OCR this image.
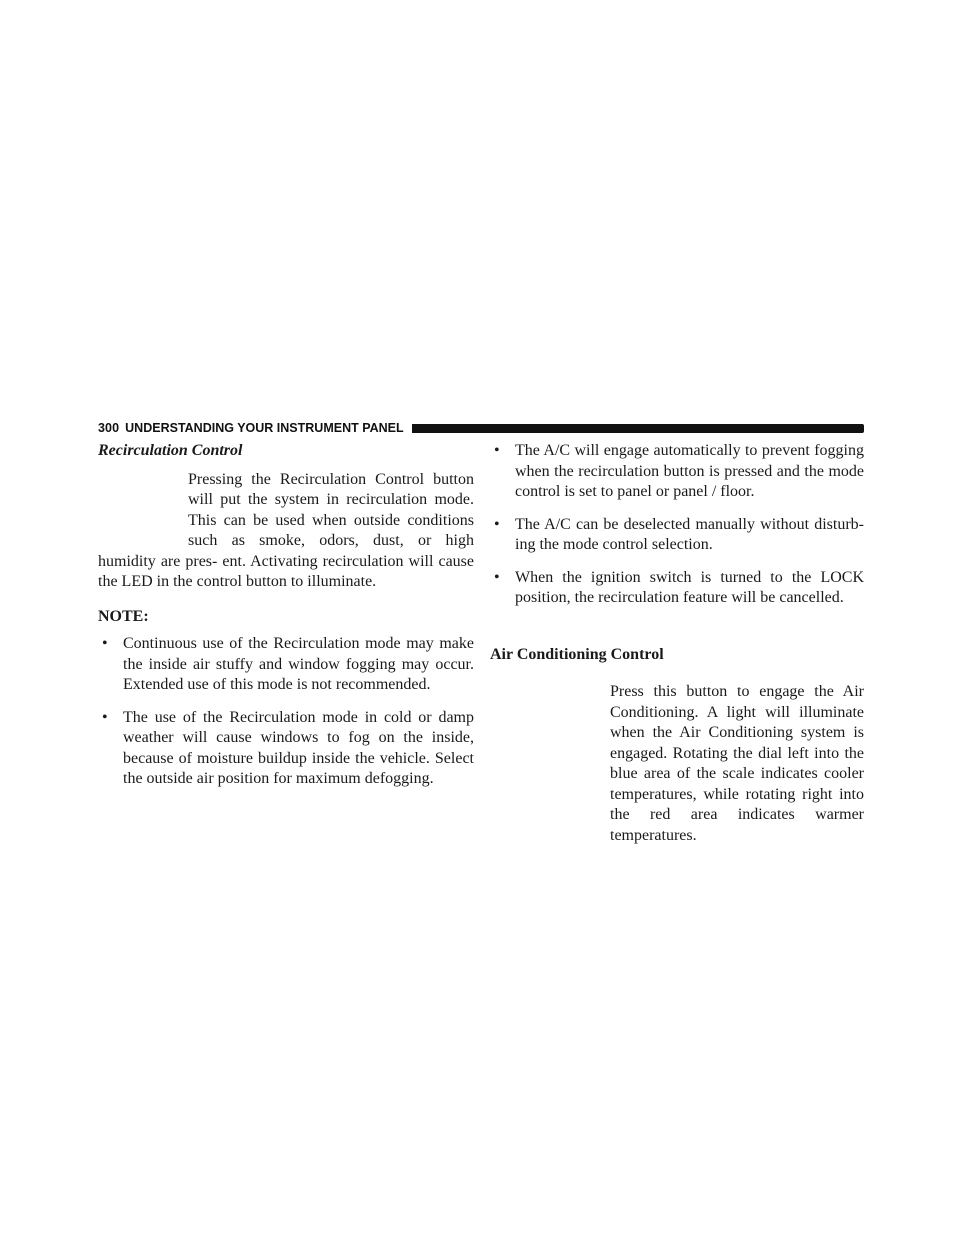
300 UNDERSTANDING YOUR INSTRUMENT PANEL

Recirculation Control

Pressing the Recirculation Control button will put the system in recirculation mode. This can be used when outside conditions such as smoke, odors, dust, or high humidity are pres- ent. Activating recirculation will cause the LED in the control button to illuminate.

NOTE:

• Continuous use of the Recirculation mode may make the inside air stuffy and window fogging may occur. Extended use of this mode is not recommended.
• The use of the Recirculation mode in cold or damp weather will cause windows to fog on the inside, because of moisture buildup inside the vehicle. Select the outside air position for maximum defogging.
• The A/C will engage automatically to prevent fogging when the recirculation button is pressed and the mode control is set to panel or panel / floor.
• The A/C can be deselected manually without disturb- ing the mode control selection.
• When the ignition switch is turned to the LOCK position, the recirculation feature will be cancelled.

Air Conditioning Control

Press this button to engage the Air Conditioning. A light will illuminate when the Air Conditioning system is engaged. Rotating the dial left into the blue area of the scale indicates cooler temperatures, while rotating right into the red area indicates warmer temperatures.
